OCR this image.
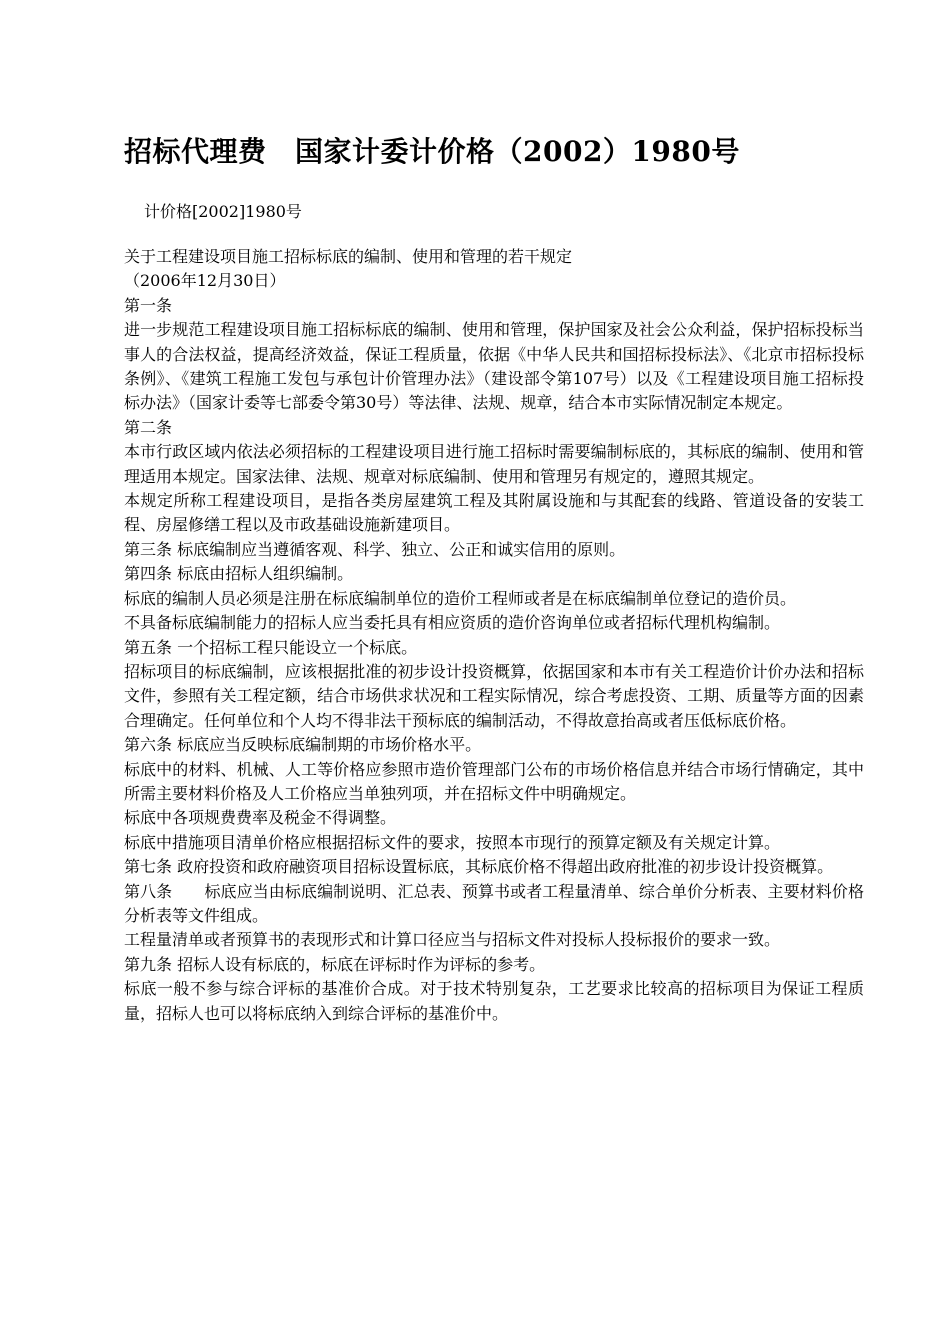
招标代理费　国家计委计价格（2002）1980号

计价格[2002]1980号

关于工程建设项目施工招标标底的编制、使用和管理的若干规定

（2006年12月30日）

第一条

进一步规范工程建设项目施工招标标底的编制、使用和管理，保护国家及社会公众利益，保护招标投标当事人的合法权益，提高经济效益，保证工程质量，依据《中华人民共和国招标投标法》、《北京市招标投标条例》、《建筑工程施工发包与承包计价管理办法》（建设部令第107号）以及《工程建设项目施工招标投标办法》（国家计委等七部委令第30号）等法律、法规、规章，结合本市实际情况制定本规定。

第二条

本市行政区域内依法必须招标的工程建设项目进行施工招标时需要编制标底的，其标底的编制、使用和管理适用本规定。国家法律、法规、规章对标底编制、使用和管理另有规定的，遵照其规定。

本规定所称工程建设项目，是指各类房屋建筑工程及其附属设施和与其配套的线路、管道设备的安装工程、房屋修缮工程以及市政基础设施新建项目。

第三条 标底编制应当遵循客观、科学、独立、公正和诚实信用的原则。

第四条 标底由招标人组织编制。

标底的编制人员必须是注册在标底编制单位的造价工程师或者是在标底编制单位登记的造价员。

不具备标底编制能力的招标人应当委托具有相应资质的造价咨询单位或者招标代理机构编制。

第五条 一个招标工程只能设立一个标底。

招标项目的标底编制，应该根据批准的初步设计投资概算，依据国家和本市有关工程造价计价办法和招标文件，参照有关工程定额，结合市场供求状况和工程实际情况，综合考虑投资、工期、质量等方面的因素合理确定。任何单位和个人均不得非法干预标底的编制活动，不得故意抬高或者压低标底价格。

第六条 标底应当反映标底编制期的市场价格水平。

标底中的材料、机械、人工等价格应参照市造价管理部门公布的市场价格信息并结合市场行情确定，其中所需主要材料价格及人工价格应当单独列项，并在招标文件中明确规定。

标底中各项规费费率及税金不得调整。

标底中措施项目清单价格应根据招标文件的要求，按照本市现行的预算定额及有关规定计算。

第七条 政府投资和政府融资项目招标设置标底，其标底价格不得超出政府批准的初步设计投资概算。

第八条　　标底应当由标底编制说明、汇总表、预算书或者工程量清单、综合单价分析表、主要材料价格分析表等文件组成。

工程量清单或者预算书的表现形式和计算口径应当与招标文件对投标人投标报价的要求一致。

第九条 招标人设有标底的，标底在评标时作为评标的参考。

标底一般不参与综合评标的基准价合成。对于技术特别复杂，工艺要求比较高的招标项目为保证工程质量，招标人也可以将标底纳入到综合评标的基准价中。
